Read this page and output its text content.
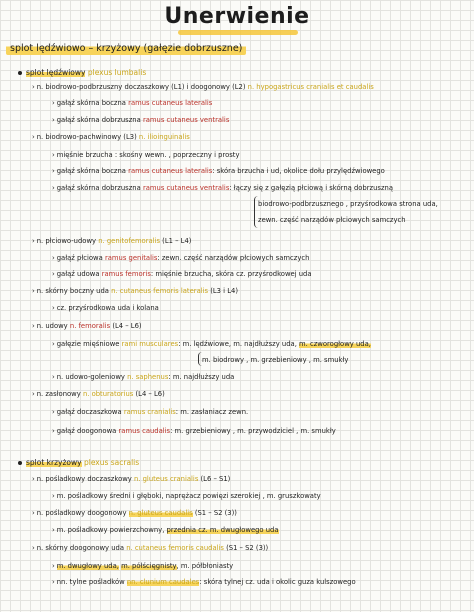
Unerwienie
splot lędźwiowo – krzyżowy (gałęzie dobrzuszne)
splot lędźwiowy plexus lumbalis
› n. biodrowo-podbrzuszny doczaszkowy (L1) i doogonowy (L2) n. hypogastricus cranialis et caudalis
› gałąź skórna boczna ramus cutaneus lateralis
› gałąź skórna dobrzuszna ramus cutaneus ventralis
› n. biodrowo-pachwinowy (L3) n. ilioinguinalis
› mięśnie brzucha : skośny wewn. , poprzeczny i prosty
› gałąź skórna boczna ramus cutaneus lateralis: skóra brzucha i ud, okolice dołu przylędźwiowego
› gałąź skórna dobrzuszna ramus cutaneus ventralis: łączy się z gałęzią płciową i skórną dobrzuszną
biodrowo-podbrzusznego , przyśrodkowa strona uda,
zewn. część narządów płciowych samczych
› n. płciowo-udowy n. genitofemoralis (L1 – L4)
› gałąź płciowa ramus genitalis: zewn. część narządów płciowych samczych
› gałąź udowa ramus femoris: mięśnie brzucha, skóra cz. przyśrodkowej uda
› n. skórny boczny uda n. cutaneus femoris lateralis (L3 i L4)
› cz. przyśrodkowa uda i kolana
› n. udowy n. femoralis (L4 – L6)
› gałęzie mięśniowe rami musculares: m. lędźwiowe, m. najdłuższy uda, m. czworogłowy uda,
m. biodrowy , m. grzebieniowy , m. smukły
› n. udowo-goleniowy n. saphenus: m. najdłuższy uda
› n. zasłonowy n. obturatorius (L4 – L6)
› gałąź doczaszkowa ramus cranialis: m. zasłaniacz zewn.
› gałąź doogonowa ramus caudalis: m. grzebieniowy , m. przywodziciel , m. smukły
splot krzyżowy plexus sacralis
› n. pośladkowy doczaszkowy n. gluteus cranialis (L6 – S1)
› m. pośladkowy średni i głęboki, naprężacz powięzi szerokiej , m. gruszkowaty
› n. pośladkowy doogonowy n. gluteus caudalis (S1 – S2 (3))
› m. pośladkowy powierzchowny, przednia cz. m. dwugłowego uda
› n. skórny doogonowy uda n. cutaneus femoris caudalis (S1 – S2 (3))
› m. dwugłowy uda, m. półścięgnisty, m. półbłoniasty
› nn. tylne pośladków nn. clunium caudales: skóra tylnej cz. uda i okolic guza kulszowego
